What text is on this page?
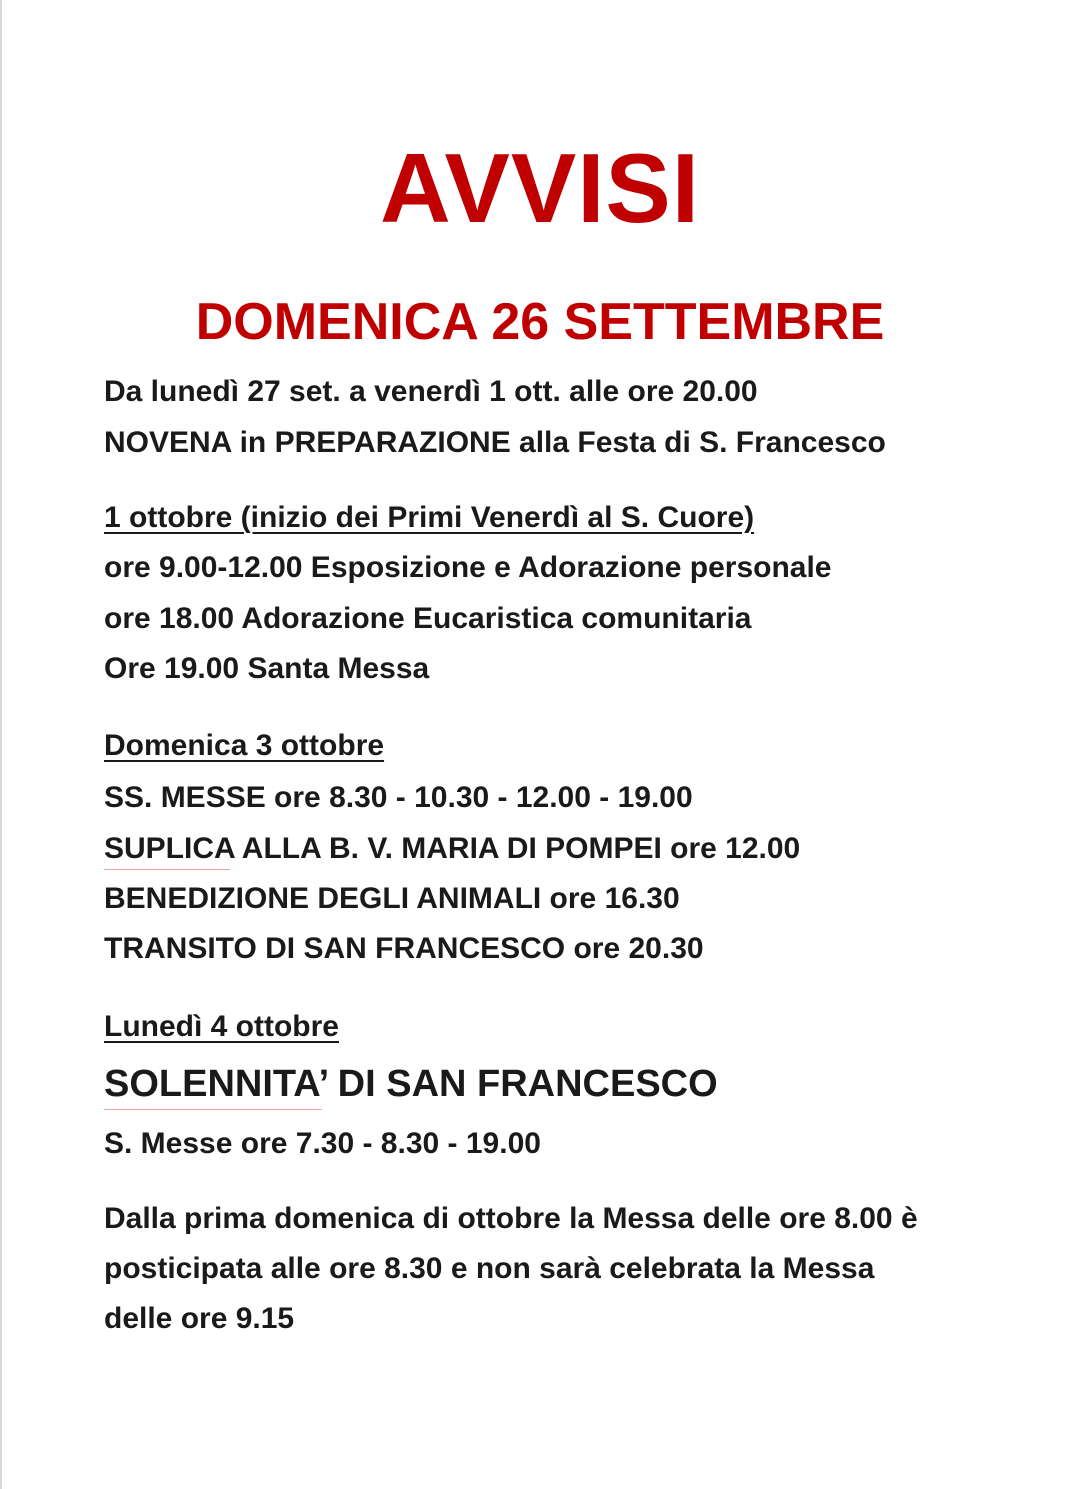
AVVISI
DOMENICA 26 SETTEMBRE
Da lunedì 27 set. a venerdì 1 ott. alle ore 20.00
NOVENA in PREPARAZIONE alla Festa di S. Francesco
1 ottobre (inizio dei Primi Venerdì al S. Cuore)
ore 9.00-12.00 Esposizione e Adorazione personale
ore 18.00 Adorazione Eucaristica comunitaria
Ore 19.00 Santa Messa
Domenica 3 ottobre
SS. MESSE ore 8.30 - 10.30 - 12.00 - 19.00
SUPLICA ALLA B. V. MARIA DI POMPEI ore 12.00
BENEDIZIONE DEGLI ANIMALI ore 16.30
TRANSITO DI SAN FRANCESCO ore 20.30
Lunedì 4 ottobre
SOLENNITA’ DI SAN FRANCESCO
S. Messe ore 7.30 - 8.30 - 19.00
Dalla prima domenica di ottobre la Messa delle ore 8.00 è
posticipata alle ore 8.30 e non sarà celebrata la Messa
delle ore 9.15
